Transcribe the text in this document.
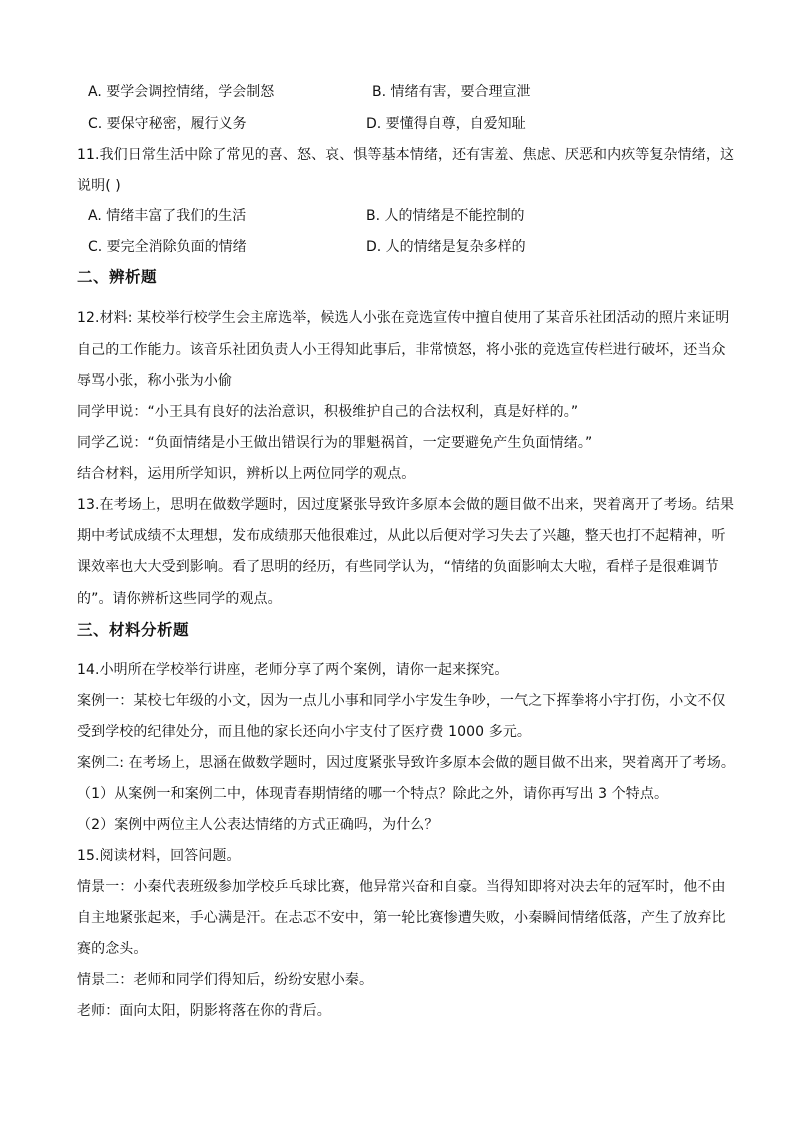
A. 要学会调控情绪，学会制怒	B. 情绪有害，要合理宣泄
C. 要保守秘密，履行义务	D. 要懂得自尊，自爱知耻
11.我们日常生活中除了常见的喜、怒、哀、惧等基本情绪，还有害羞、焦虑、厌恶和内疚等复杂情绪，这
说明( )
A. 情绪丰富了我们的生活	B. 人的情绪是不能控制的
C. 要完全消除负面的情绪	D. 人的情绪是复杂多样的
二、辨析题
12.材料: 某校举行校学生会主席选举，候选人小张在竞选宣传中擅自使用了某音乐社团活动的照片来证明
自己的工作能力。该音乐社团负责人小王得知此事后，非常愤怒，将小张的竞选宣传栏进行破坏，还当众
辱骂小张，称小张为小偷
同学甲说：“小王具有良好的法治意识，积极维护自己的合法权利，真是好样的。”
同学乙说：“负面情绪是小王做出错误行为的罪魁祸首，一定要避免产生负面情绪。”
结合材料，运用所学知识，辨析以上两位同学的观点。
13.在考场上，思明在做数学题时，因过度紧张导致许多原本会做的题目做不出来，哭着离开了考场。结果
期中考试成绩不太理想，发布成绩那天他很难过，从此以后便对学习失去了兴趣，整天也打不起精神，听
课效率也大大受到影响。看了思明的经历，有些同学认为，“情绪的负面影响太大啦，看样子是很难调节
的”。请你辨析这些同学的观点。
三、材料分析题
14.小明所在学校举行讲座，老师分享了两个案例，请你一起来探究。
案例一：某校七年级的小文，因为一点儿小事和同学小宇发生争吵，一气之下挥拳将小宇打伤，小文不仅
受到学校的纪律处分，而且他的家长还向小宇支付了医疗费 1000 多元。
案例二: 在考场上，思涵在做数学题时，因过度紧张导致许多原本会做的题目做不出来，哭着离开了考场。
（1）从案例一和案例二中，体现青春期情绪的哪一个特点？除此之外，请你再写出 3 个特点。
（2）案例中两位主人公表达情绪的方式正确吗，为什么？
15.阅读材料，回答问题。
情景一：小秦代表班级参加学校乒乓球比赛，他异常兴奋和自豪。当得知即将对决去年的冠军时，他不由
自主地紧张起来，手心满是汗。在忐忑不安中，第一轮比赛惨遭失败，小秦瞬间情绪低落，产生了放弃比
赛的念头。
情景二：老师和同学们得知后，纷纷安慰小秦。
老师：面向太阳，阴影将落在你的背后。
